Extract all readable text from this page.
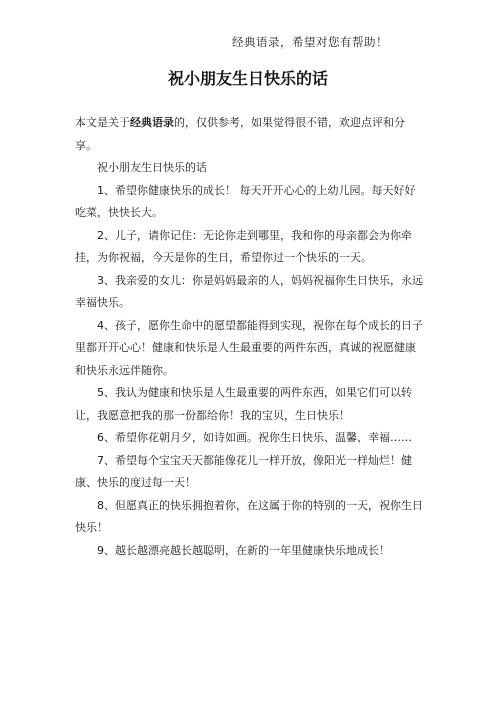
经典语录，希望对您有帮助！
祝小朋友生日快乐的话

本文是关于经典语录的，仅供参考，如果觉得很不错，欢迎点评和分享。

祝小朋友生日快乐的话

1、希望你健康快乐的成长！ 每天开开心心的上幼儿园。每天好好吃菜，快快长大。

2、儿子，请你记住：无论你走到哪里，我和你的母亲都会为你牵挂，为你祝福，今天是你的生日，希望你过一个快乐的一天。

3、我亲爱的女儿：你是妈妈最亲的人，妈妈祝福你生日快乐，永远幸福快乐。

4、孩子，愿你生命中的愿望都能得到实现，祝你在每个成长的日子里都开开心心！健康和快乐是人生最重要的两件东西，真诚的祝愿健康和快乐永远伴随你。

5、我认为健康和快乐是人生最重要的两件东西，如果它们可以转让，我愿意把我的那一份都给你！我的宝贝，生日快乐！

6、希望你花朝月夕，如诗如画。祝你生日快乐、温馨、幸福……

7、希望每个宝宝天天都能像花儿一样开放，像阳光一样灿烂！健康、快乐的度过每一天！

8、但愿真正的快乐拥抱着你，在这属于你的特别的一天，祝你生日快乐！

9、越长越漂亮越长越聪明，在新的一年里健康快乐地成长！
